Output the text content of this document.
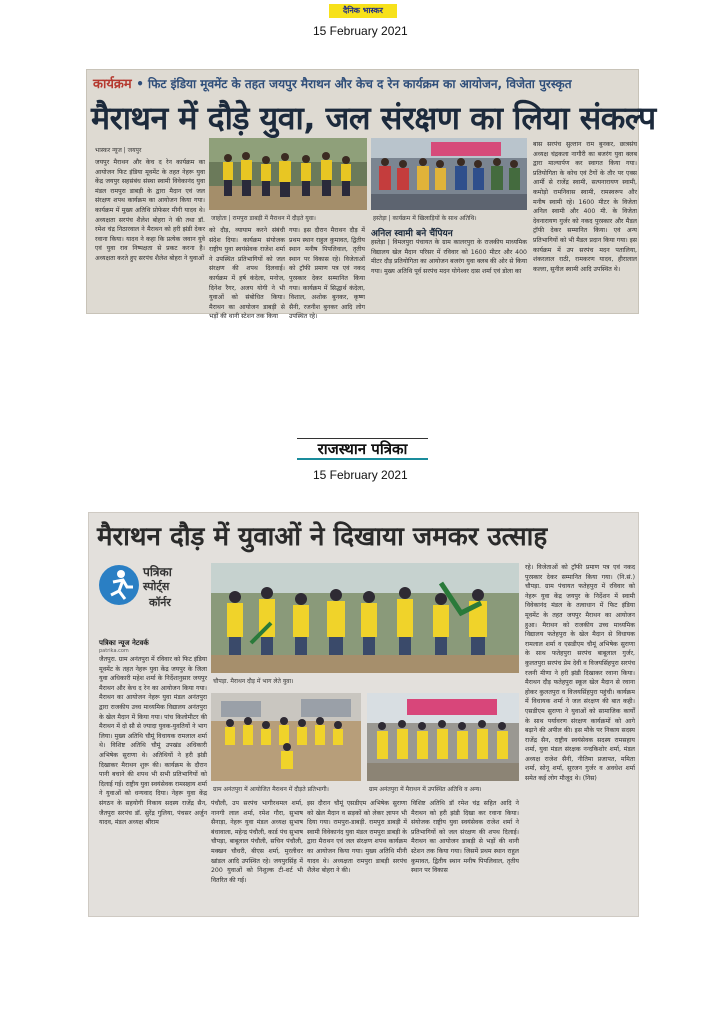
दैनिक भास्कर
15 February 2021
कार्यक्रम • फिट इंडिया मूवमेंट के तहत जयपुर मैराथन और केच द रेन कार्यक्रम का आयोजन, विजेता पुरस्कृत
मैराथन में दौड़े युवा, जल संरक्षण का लिया संकल्प
भास्कर न्यूज | जयपुर
जयपुर मैराथन और केच द रेन कार्यक्रम का आयोजन फिट इंडिया मूवमेंट के तहत नेहरू युवा केंद्र जयपुर सहसंबंध संस्था स्वामी विवेकानंद युवा मंडल रामपुरा डाबड़ी के द्वारा मैदान एवं जल संरक्षण शपथ कार्यक्रम का आयोजन किया गया। कार्यक्रम में मुख्य अतिथि प्रोफेसर मीनी यादव थे। अध्यक्षता सरपंच शैलेश बोहरा ने की तथा डॉ. रमेश चंद्र निठारवाल ने मैराथन को हरी झंडी देकर रवाना किया। यादव ने कहा कि प्रत्येक जवान युवे एवं युवा राव निष्पक्षता से प्रकट करना है। अध्यक्षता करते हुए सरपंच शैलेश बोहरा ने युवाओं
जाहोता | रामपुरा डाबड़ी में मैराथन में दौड़ते युवा।	हस्तेड़ा | कार्यक्रम में खिलाड़ियों के साथ अतिथि।
को दौड़, व्यायाम करने संबंधी संदेश दिया। कार्यक्रम संयोजक राष्ट्रीय युवा स्वयंसेवक राजेश शर्मा ने उपस्थित प्रतिभागियों को जल संरक्षण की शपथ दिलवाई। कार्यक्रम में हर्ष कंदेला, मनोज, दिनेश रैगर, अजय योगी ने भी युवाओं को संबोधित किया। मैराथन का आयोजन डाबड़ी से भड़ों की थानी स्टेशन तक किया
गया। इस दौरान मैराथन दौड़ में प्रथम स्थान राहुल कुमावत, द्वितीय स्थान मनीष पिपलिवाल, तृतीय स्थान पर विकास रहे। विजेताओं को ट्रॉफी प्रमाण पत्र एवं नकद पुरस्कार देकर सम्मानित किया गया। कार्यक्रम में सिद्धार्थ कंदेला, विशाल, अशोक बुनकर, कृष्ण सैनी, रजनीश बुनकर आदि लोग उपस्थित रहे।
अनिल स्वामी बने चैंपियन
हस्तेड़ा | विमलपुरा पंचायत के ग्राम कालरपुरा के राजकीय माध्यमिक विद्यालय खेल मैदान परिसर में रविवार को 1600 मीटर और 400 मीटर दौड़ प्रतियोगिता का आयोजन बजरंग युवा क्लब की ओर से किया गया। मुख्य अतिथि पूर्व सरपंच मदन योगेश्वर दास शर्मा एवं डोला का
बास सरपंच सुल्तान राम बुनकर, छात्रसंघ अध्यक्ष चंद्रकला नागौरी का बजरंग युवा क्लब द्वारा माल्यार्पण कर स्वागत किया गया। प्रतियोगिता के कोच एवं टैगों के तौर पर एक्स आर्मी से राजेंद्र स्वामी, सत्यनारायण स्वामी, कमोड़ो रामनिवास स्वामी, रामस्वरूप और मनीष स्वामी रहे। 1600 मीटर के विजेता अनिल स्वामी और 400 मी. के विजेता देवनारायण गुर्जर को नकद पुरस्कार और मैडल ट्रॉफी देकर सम्मानित किया। एवं अन्य प्रतिभागियों को भी मैडल प्रदान किया गया। इस कार्यक्रम में उप सरपंच मदन पतालिया, शंकरलाल राठी, रामकरण यादव, हीरालाल कल्ला, सुनील स्वामी आदि उपस्थित थे।
राजस्थान पत्रिका
15 February 2021
मैराथन दौड़ में युवाओं ने दिखाया जमकर उत्साह
पत्रिका
स्पोर्ट्स
कॉर्नर
पत्रिका न्यूज नेटवर्क
patrika.com
जैतपुरा. ग्राम अनंतपुरा में रविवार को फिट इंडिया मूवमेंट के तहत नेहरू युवा केंद्र जयपुर के जिला युवा अधिकारी महेश शर्मा के निर्देशानुसार जयपुर मैराथन और केच द रेन का आयोजन किया गया। मैराथन का आयोजन नेहरू युवा मंडल अनंतपुरा द्वारा राजकीय उच्च माध्यमिक विद्यालय अनंतपुरा के खेल मैदान में किया गया। पांच किलोमीटर की मैराथन में दो सौ से ज्यादा युवक-युवतियों ने भाग लिया। मुख्य अतिथि चौमूं विधायक रामलाल शर्मा थे। विशिष्ट अतिथि चौमूं उपखंड अधिकारी अभिषेक सुराणा थे। अतिथियों ने हरी झंडी दिखाकर मैराथन शुरू की। कार्यक्रम के दौरान पानी बचाने की शपथ भी सभी प्रतिभागियों को दिलाई गई। राष्ट्रीय युवा स्वयंसेवक रामसहाय शर्मा ने युवाओं को धन्यवाद दिया। नेहरू युवा केंद्र संगठन के सहयोगी निकाय सदस्य राजेंद्र सैन, जैतपुरा सरपंच डॉ. सुरेंद्र गुलिया, पंचसर अर्जुन यादव, मंडल अध्यक्ष श्रीराम
चौपड़ा. मैराथन दौड़ में भाग लेते युवा।
ग्राम अनंतपुरा में आयोजित मैराथन में दौड़ते प्रतिभागी।	ग्राम अनंतपुरा में मैराथन में उपस्थित अतिथि व अन्य।
पंचौली, उप सरपंच भागीरथमल शर्मा, नानगी लाल शर्मा, रमेश गौरा, सुभाष सैनाड़ा, नेहरू युवा मंडल अध्यक्ष सुभाष बंधावाला, महेन्द्र पंचौली, कार्ड पंच सुभाष चौपड़ा, बाबूलाल पंचौली, सचिन पंचौली, मक्खन चौधरी, बीएस शर्मा, मुरलीधर खांडल आदि उपस्थित रहे। जयपुरसिंह में 200 युवाओं को निशुल्क टी-शर्ट भी वितरित की गई।
इस दौरान चौमूं एसडीएम अभिषेक सुराणा को खेल मैदान व सड़कों को लेकर ज्ञापन भी दिया गया। रामपुरा-डाबड़ी. रामपुरा डाबड़ी में स्वामी विवेकानंद युवा मंडल रामपुरा डाबड़ी के द्वारा मैराथन एवं जल संरक्षण शपथ कार्यक्रम का आयोजन किया गया। मुख्य अतिथि मीनी यादव थे। अध्यक्षता रामपुरा डाबड़ी सरपंच शैलेश बोहरा ने की।
विशिष्ट अतिथि डॉ रमेश चंद्र सहित आदि ने मैराथन को हरी झंडी दिखा कर रवाना किया। संयोजक राष्ट्रीय युवा स्वयंसेवक राजेश शर्मा ने प्रतिभागियों को जल संरक्षण की शपथ दिलाई। मैराथन का आयोजन डाबड़ी से भड़ों की थानी स्टेशन तक किया गया। जिसमें प्रथम स्थान राहुल कुमावत, द्वितीय स्थान मनीष पिपलिवाल, तृतीय स्थान पर विकास
रहे। विजेताओं को ट्रॉफी प्रमाण पत्र एवं नकद पुरस्कार देकर सम्मानित किया गया। (नि.सं.) चौपड़ा. ग्राम पंचायत फतेहपुरा में रविवार को नेहरू युवा केंद्र जयपुर के निर्देशन में स्वामी विवेकानंद मंडल के तत्वाधान में फिट इंडिया मूवमेंट के तहत जयपुर मैराथन का आयोजन हुआ। मैराथन को राजकीय उच्च माध्यमिक विद्यालय फतेहपुरा के खेल मैदान से विधायक रामलाल शर्मा व एसडीएम चौमूं अभिषेक सुराणा के साथ फतेहपुरा सरपंच बाबूलाल गुर्जर, कुलतपुरा सरपंच प्रेम देवी व विजयसिंहपुरा सरपंच रजनी मीणा ने हरी झंडी दिखाकर रवाना किया। मैराथन दौड़ फतेहपुरा स्कूल खेल मैदान से रवाना होकर कुलतपुरा व विजयसिंहपुरा पहुंची। कार्यक्रम में विधायक शर्मा ने जल संरक्षण की बात कही। एसडीएम सुराणा ने युवाओं को सामाजिक कार्यों के साथ पर्यावरण संरक्षण कार्यक्रमों को आगे बढ़ाने की अपील की। इस मौके पर निकाय सदस्य राजेंद्र सैन, राष्ट्रीय स्वयंसेवक सदस्य रामसहाय शर्मा, युवा मंडल संरक्षक नन्दकिशोर शर्मा, मंडल अध्यक्ष राजेश सैनी, नीतिमा प्रजापत, ममिता शर्मा, सोनू शर्मा, सुरजन गुर्जर व अवधेश शर्मा समेत कई लोग मौजूद थे। (निस)
